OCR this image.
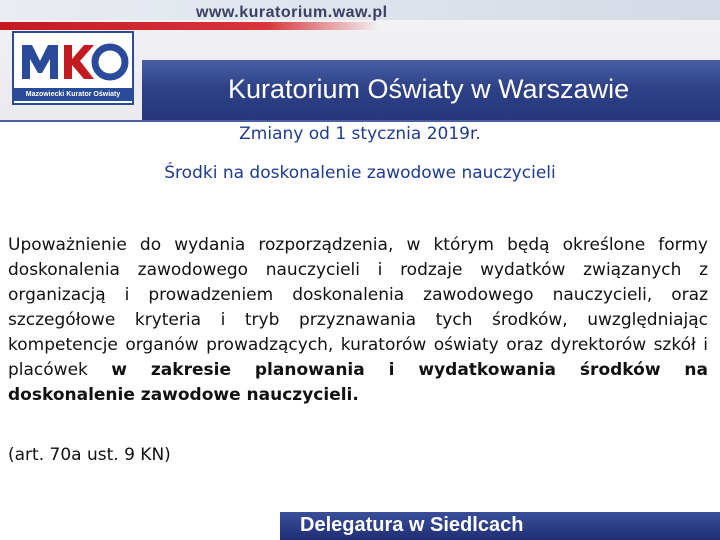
www.kuratorium.waw.pl
Mazowiecki Kurator Oświaty	Kuratorium Oświaty w Warszawie
Zmiany od 1 stycznia 2019r.
Środki na doskonalenie zawodowe nauczycieli
Upoważnienie do wydania rozporządzenia, w którym będą określone formy doskonalenia zawodowego nauczycieli i rodzaje wydatków związanych z organizacją i prowadzeniem doskonalenia zawodowego nauczycieli, oraz szczegółowe kryteria i tryb przyznawania tych środków, uwzględniając kompetencje organów prowadzących, kuratorów oświaty oraz dyrektorów szkół i placówek w zakresie planowania i wydatkowania środków na doskonalenie zawodowe nauczycieli.
(art. 70a ust. 9 KN)
Delegatura w Siedlcach
